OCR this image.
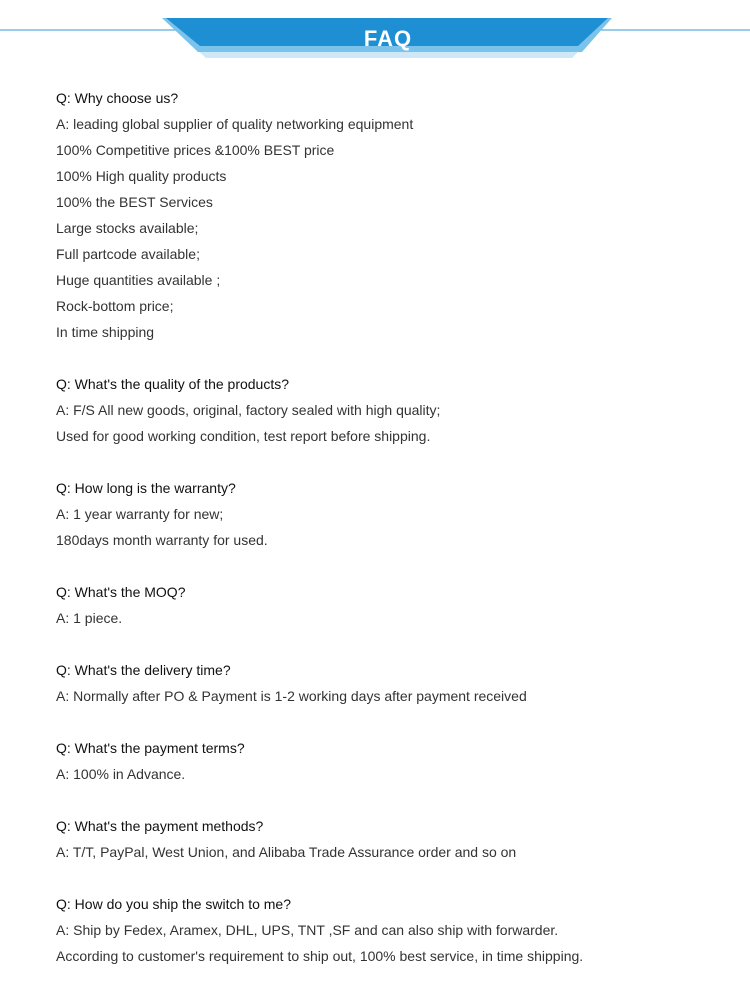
FAQ
Q: Why choose us?
A: leading global supplier of quality networking equipment
100% Competitive prices &100% BEST price
100% High quality products
100% the BEST Services
Large stocks available;
Full partcode available;
Huge quantities available ;
Rock-bottom price;
In time shipping
Q: What's the quality of the products?
A: F/S All new goods, original, factory sealed with high quality;
Used for good working condition, test report before shipping.
Q: How long is the warranty?
A: 1 year warranty for new;
180days month warranty for used.
Q: What's the MOQ?
A: 1 piece.
Q: What's the delivery time?
A: Normally after PO & Payment is 1-2 working days after payment received
Q: What's the payment terms?
A: 100% in Advance.
Q: What's the payment methods?
A: T/T, PayPal, West Union, and Alibaba Trade Assurance order and so on
Q: How do you ship the switch to me?
A: Ship by Fedex, Aramex, DHL, UPS, TNT ,SF and can also ship with forwarder.
According to customer's requirement to ship out, 100% best service, in time shipping.
